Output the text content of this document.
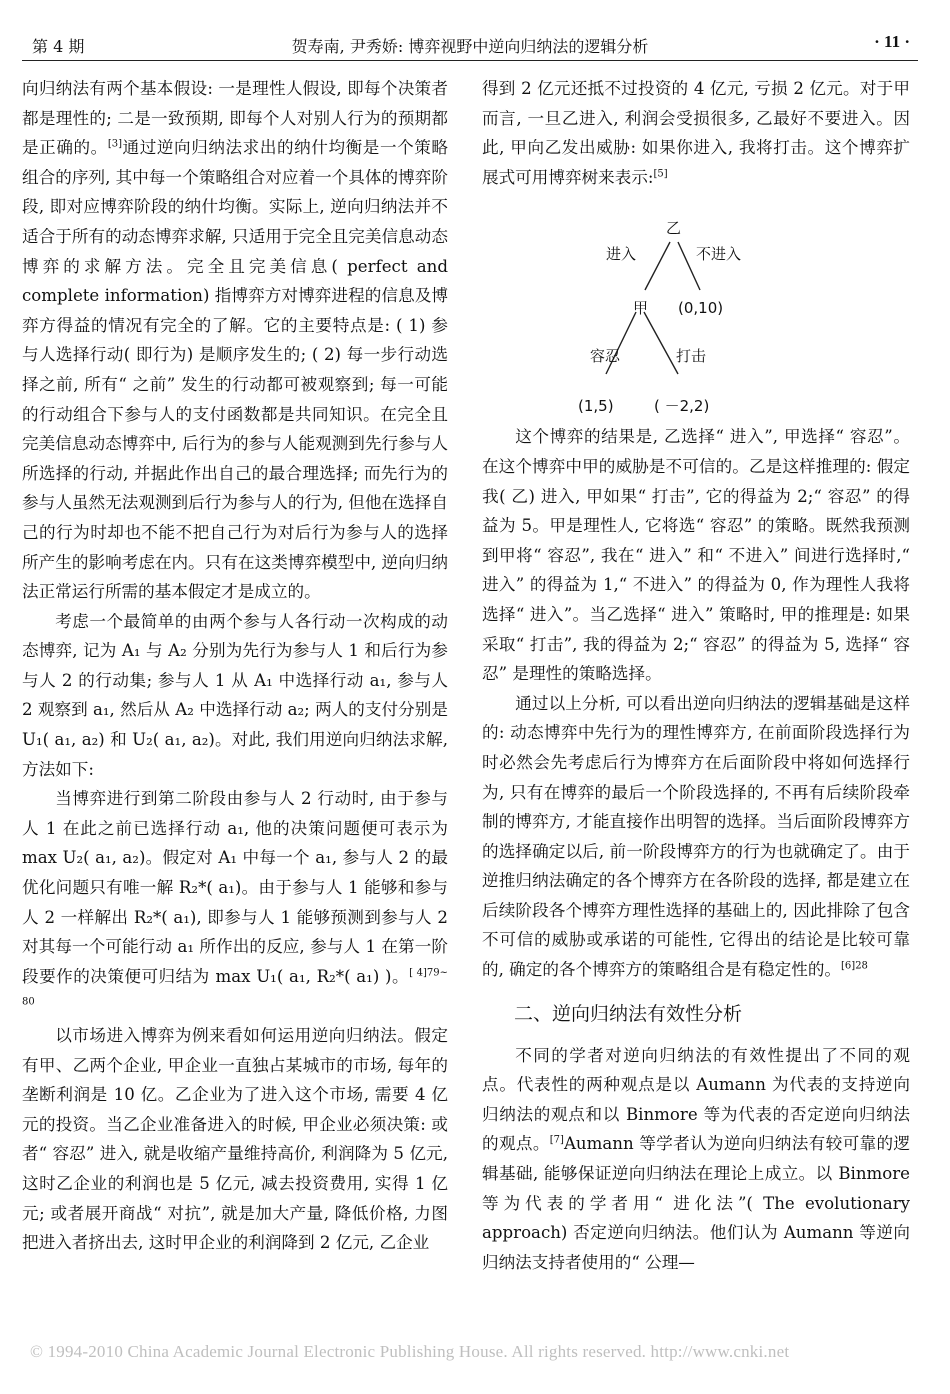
第 4 期	贺寿南, 尹秀娇: 博弈视野中逆向归纳法的逻辑分析	· 11 ·

向归纳法有两个基本假设: 一是理性人假设, 即每个决策者都是理性的; 二是一致预期, 即每个人对别人行为的预期都是正确的。[3]通过逆向归纳法求出的纳什均衡是一个策略组合的序列, 其中每一个策略组合对应着一个具体的博弈阶段, 即对应博弈阶段的纳什均衡。实际上, 逆向归纳法并不适合于所有的动态博弈求解, 只适用于完全且完美信息动态博弈的求解方法。完全且完美信息( perfect and complete information) 指博弈方对博弈进程的信息及博弈方得益的情况有完全的了解。它的主要特点是: ( 1) 参与人选择行动( 即行为) 是顺序发生的; ( 2) 每一步行动选择之前, 所有“ 之前” 发生的行动都可被观察到; 每一可能的行动组合下参与人的支付函数都是共同知识。在完全且完美信息动态博弈中, 后行为的参与人能观测到先行参与人所选择的行动, 并据此作出自己的最合理选择; 而先行为的参与人虽然无法观测到后行为参与人的行为, 但他在选择自己的行为时却也不能不把自己行为对后行为参与人的选择所产生的影响考虑在内。只有在这类博弈模型中, 逆向归纳法正常运行所需的基本假定才是成立的。

考虑一个最简单的由两个参与人各行动一次构成的动态博弈, 记为 A₁ 与 A₂ 分别为先行为参与人 1 和后行为参与人 2 的行动集; 参与人 1 从 A₁ 中选择行动 a₁, 参与人 2 观察到 a₁, 然后从 A₂ 中选择行动 a₂; 两人的支付分别是 U₁( a₁, a₂) 和 U₂( a₁, a₂)。对此, 我们用逆向归纳法求解, 方法如下:

当博弈进行到第二阶段由参与人 2 行动时, 由于参与人 1 在此之前已选择行动 a₁, 他的决策问题便可表示为 max U₂( a₁, a₂)。假定对 A₁ 中每一个 a₁, 参与人 2 的最优化问题只有唯一解 R₂*( a₁)。由于参与人 1 能够和参与人 2 一样解出 R₂*( a₁), 即参与人 1 能够预测到参与人 2 对其每一个可能行动 a₁ 所作出的反应, 参与人 1 在第一阶段要作的决策便可归结为 max U₁( a₁, R₂*( a₁) )。$^{[ 4]79\sim 80}$

以市场进入博弈为例来看如何运用逆向归纳法。假定有甲、乙两个企业, 甲企业一直独占某城市的市场, 每年的垄断利润是 10 亿。乙企业为了进入这个市场, 需要 4 亿元的投资。当乙企业准备进入的时候, 甲企业必须决策: 或者“ 容忍” 进入, 就是收缩产量维持高价, 利润降为 5 亿元, 这时乙企业的利润也是 5 亿元, 减去投资费用, 实得 1 亿元; 或者展开商战“ 对抗”, 就是加大产量, 降低价格, 力图把进入者挤出去, 这时甲企业的利润降到 2 亿元, 乙企业

得到 2 亿元还抵不过投资的 4 亿元, 亏损 2 亿元。对于甲而言, 一旦乙进入, 利润会受损很多, 乙最好不要进入。因此, 甲向乙发出威胁: 如果你进入, 我将打击。这个博弈扩展式可用博弈树来表示:[5]

乙
进入	不进入
甲 (0,10)
容忍	打击
(1,5)	( －2,2)

这个博弈的结果是, 乙选择“ 进入”, 甲选择“ 容忍”。在这个博弈中甲的威胁是不可信的。乙是这样推理的: 假定我( 乙) 进入, 甲如果“ 打击”, 它的得益为 2;“ 容忍” 的得益为 5。甲是理性人, 它将选“ 容忍” 的策略。既然我预测到甲将“ 容忍”, 我在“ 进入” 和“ 不进入” 间进行选择时,“ 进入” 的得益为 1,“ 不进入” 的得益为 0, 作为理性人我将选择“ 进入”。当乙选择“ 进入” 策略时, 甲的推理是: 如果采取“ 打击”, 我的得益为 2;“ 容忍” 的得益为 5, 选择“ 容忍” 是理性的策略选择。

通过以上分析, 可以看出逆向归纳法的逻辑基础是这样的: 动态博弈中先行为的理性博弈方, 在前面阶段选择行为时必然会先考虑后行为博弈方在后面阶段中将如何选择行为, 只有在博弈的最后一个阶段选择的, 不再有后续阶段牵制的博弈方, 才能直接作出明智的选择。当后面阶段博弈方的选择确定以后, 前一阶段博弈方的行为也就确定了。由于逆推归纳法确定的各个博弈方在各阶段的选择, 都是建立在后续阶段各个博弈方理性选择的基础上的, 因此排除了包含不可信的威胁或承诺的可能性, 它得出的结论是比较可靠的, 确定的各个博弈方的策略组合是有稳定性的。$^{[6]28}$

二、逆向归纳法有效性分析

不同的学者对逆向归纳法的有效性提出了不同的观点。代表性的两种观点是以 Aumann 为代表的支持逆向归纳法的观点和以 Binmore 等为代表的否定逆向归纳法的观点。[7]Aumann 等学者认为逆向归纳法有较可靠的逻辑基础, 能够保证逆向归纳法在理论上成立。以 Binmore 等为代表的学者用“ 进化法”( The evolutionary approach) 否定逆向归纳法。他们认为 Aumann 等逆向归纳法支持者使用的“ 公理—

© 1994-2010 China Academic Journal Electronic Publishing House. All rights reserved. http://www.cnki.net
